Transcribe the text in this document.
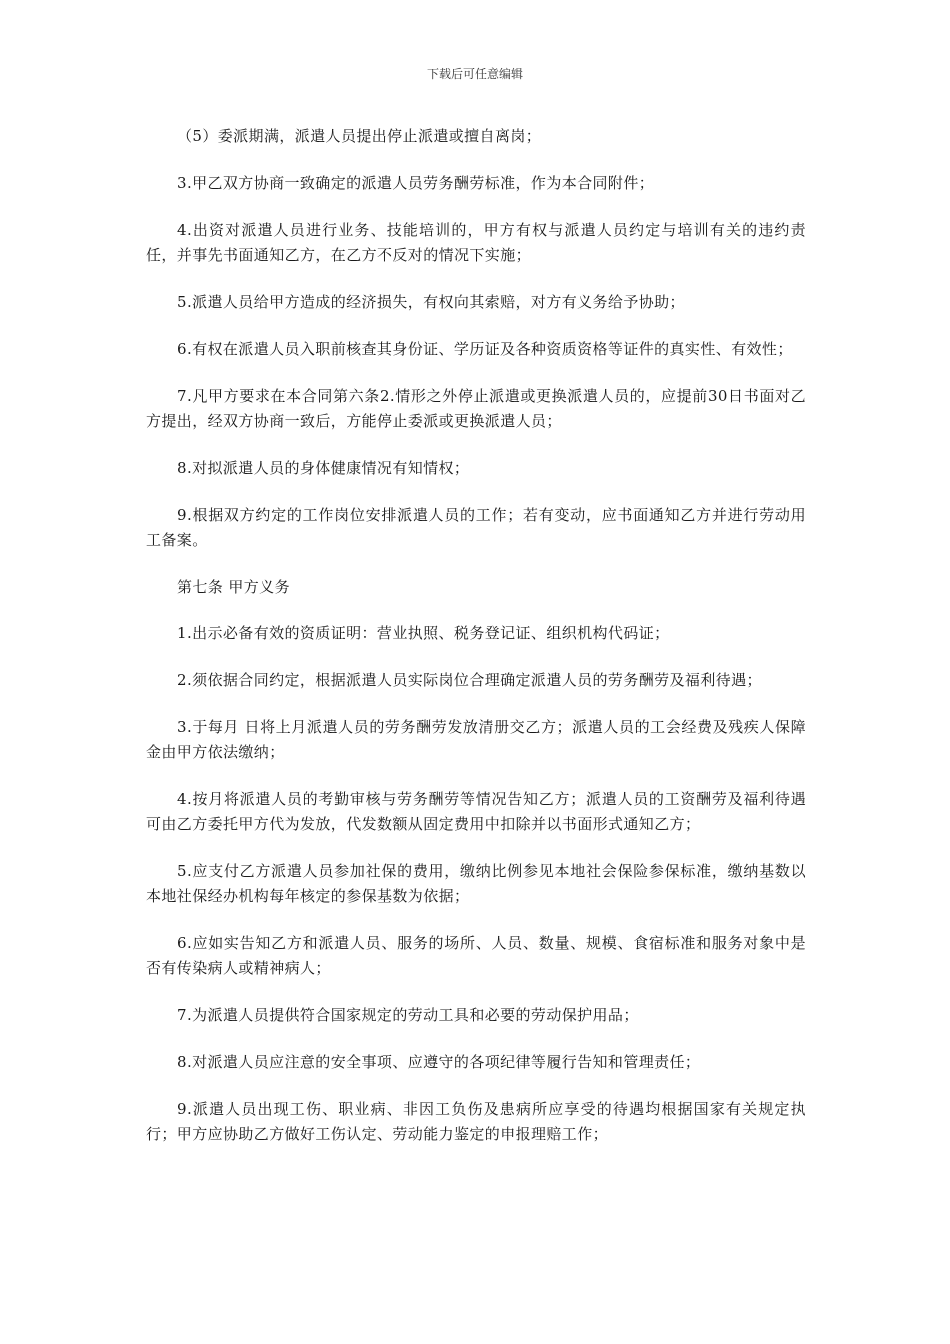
下载后可任意编辑

（5）委派期满，派遣人员提出停止派遣或擅自离岗；

3.甲乙双方协商一致确定的派遣人员劳务酬劳标准，作为本合同附件；

4.出资对派遣人员进行业务、技能培训的，甲方有权与派遣人员约定与培训有关的违约责任，并事先书面通知乙方，在乙方不反对的情况下实施；

5.派遣人员给甲方造成的经济损失，有权向其索赔，对方有义务给予协助；

6.有权在派遣人员入职前核查其身份证、学历证及各种资质资格等证件的真实性、有效性；

7.凡甲方要求在本合同第六条2.情形之外停止派遣或更换派遣人员的，应提前30日书面对乙方提出，经双方协商一致后，方能停止委派或更换派遣人员；

8.对拟派遣人员的身体健康情况有知情权；

9.根据双方约定的工作岗位安排派遣人员的工作；若有变动，应书面通知乙方并进行劳动用工备案。

第七条 甲方义务

1.出示必备有效的资质证明：营业执照、税务登记证、组织机构代码证；

2.须依据合同约定，根据派遣人员实际岗位合理确定派遣人员的劳务酬劳及福利待遇；

3.于每月 日将上月派遣人员的劳务酬劳发放清册交乙方；派遣人员的工会经费及残疾人保障金由甲方依法缴纳；

4.按月将派遣人员的考勤审核与劳务酬劳等情况告知乙方；派遣人员的工资酬劳及福利待遇可由乙方委托甲方代为发放，代发数额从固定费用中扣除并以书面形式通知乙方；

5.应支付乙方派遣人员参加社保的费用，缴纳比例参见本地社会保险参保标准，缴纳基数以本地社保经办机构每年核定的参保基数为依据；

6.应如实告知乙方和派遣人员、服务的场所、人员、数量、规模、食宿标准和服务对象中是否有传染病人或精神病人；

7.为派遣人员提供符合国家规定的劳动工具和必要的劳动保护用品；

8.对派遣人员应注意的安全事项、应遵守的各项纪律等履行告知和管理责任；

9.派遣人员出现工伤、职业病、非因工负伤及患病所应享受的待遇均根据国家有关规定执行；甲方应协助乙方做好工伤认定、劳动能力鉴定的申报理赔工作；
